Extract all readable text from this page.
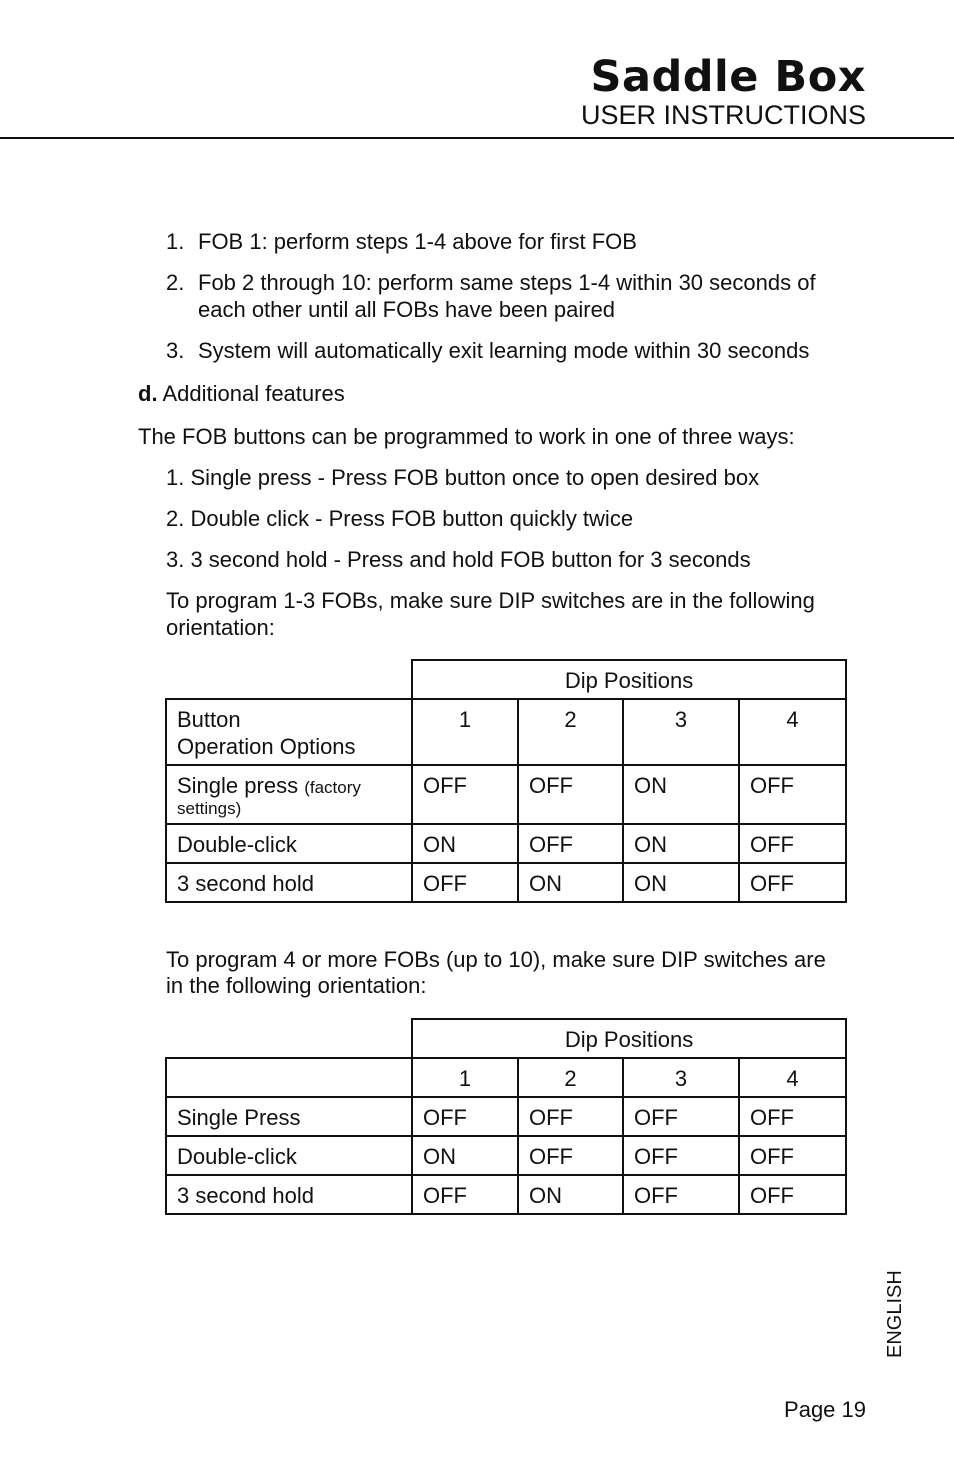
Saddle Box
USER INSTRUCTIONS
1. FOB 1: perform steps 1-4 above for first FOB
2. Fob 2 through 10: perform same steps 1-4 within 30 seconds of
each other until all FOBs have been paired
3. System will automatically exit learning mode within 30 seconds
d. Additional features
The FOB buttons can be programmed to work in one of three ways:
1. Single press - Press FOB button once to open desired box
2. Double click - Press FOB button quickly twice
3. 3 second hold - Press and hold FOB button for 3 seconds
To program 1-3 FOBs, make sure DIP switches are in the following
orientation:
	Dip Positions			

Button
Operation Options	1	2	3	4

Single press (factory
settings)	OFF	OFF	ON	OFF
Double-click	ON	OFF	ON	OFF
3 second hold	OFF	ON	ON	OFF
To program 4 or more FOBs (up to 10), make sure DIP switches are
in the following orientation:
	Dip Positions			
	1	2	3	4
Single Press	OFF	OFF	OFF	OFF
Double-click	ON	OFF	OFF	OFF
3 second hold	OFF	ON	OFF	OFF
ENGLISH
Page 19
